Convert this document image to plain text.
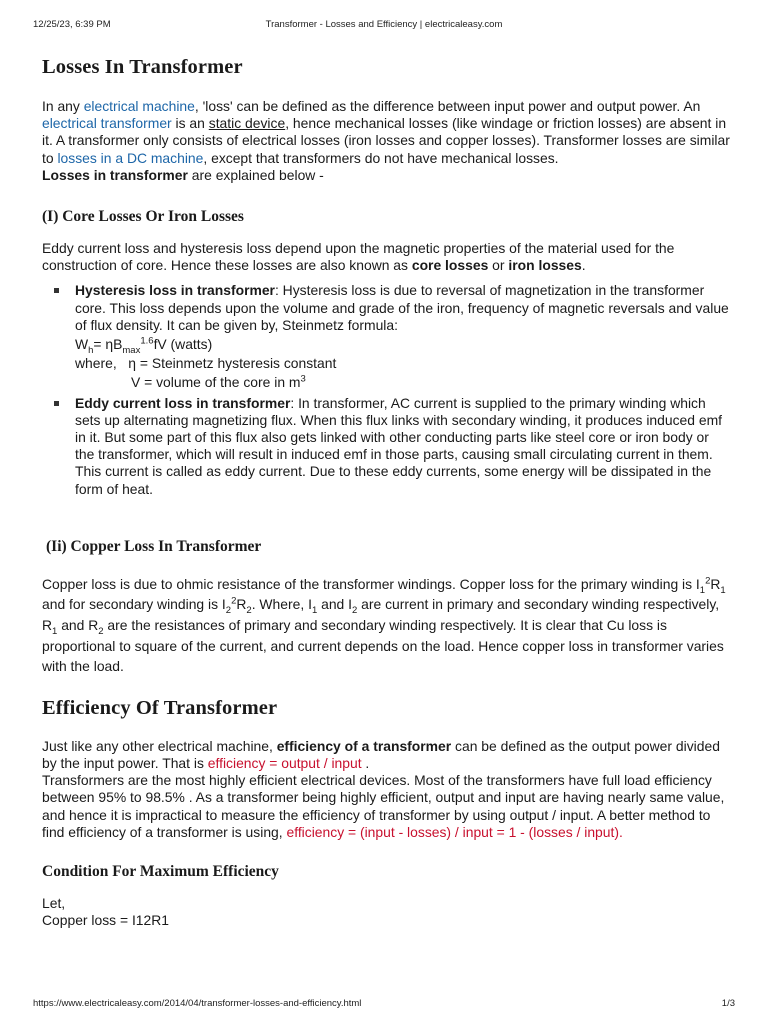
12/25/23, 6:39 PM	Transformer - Losses and Efficiency | electricaleasy.com
Losses In Transformer

In any electrical machine, 'loss' can be defined as the difference between input power and output power. An electrical transformer is an static device, hence mechanical losses (like windage or friction losses) are absent in it. A transformer only consists of electrical losses (iron losses and copper losses). Transformer losses are similar to losses in a DC machine, except that transformers do not have mechanical losses.
Losses in transformer are explained below -

(I) Core Losses Or Iron Losses

Eddy current loss and hysteresis loss depend upon the magnetic properties of the material used for the construction of core. Hence these losses are also known as core losses or iron losses.

Hysteresis loss in transformer: Hysteresis loss is due to reversal of magnetization in the transformer core. This loss depends upon the volume and grade of the iron, frequency of magnetic reversals and value of flux density. It can be given by, Steinmetz formula:
$W_h= \eta B_{max}^{1.6}fV$ (watts)
where,   η = Steinmetz hysteresis constant
V = volume of the core in $m^3$
Eddy current loss in transformer: In transformer, AC current is supplied to the primary winding which sets up alternating magnetizing flux. When this flux links with secondary winding, it produces induced emf in it. But some part of this flux also gets linked with other conducting parts like steel core or iron body or the transformer, which will result in induced emf in those parts, causing small circulating current in them. This current is called as eddy current. Due to these eddy currents, some energy will be dissipated in the form of heat.
(Ii) Copper Loss In Transformer

Copper loss is due to ohmic resistance of the transformer windings. Copper loss for the primary winding is $I_1^2R_1$ and for secondary winding is $I_2^2R_2$. Where, $I_1$ and $I_2$ are current in primary and secondary winding respectively, $R_1$ and $R_2$ are the resistances of primary and secondary winding respectively. It is clear that Cu loss is proportional to square of the current, and current depends on the load. Hence copper loss in transformer varies with the load.

Efficiency Of Transformer

Just like any other electrical machine, efficiency of a transformer can be defined as the output power divided by the input power. That is efficiency = output / input .

Transformers are the most highly efficient electrical devices. Most of the transformers have full load efficiency between 95% to 98.5% . As a transformer being highly efficient, output and input are having nearly same value, and hence it is impractical to measure the efficiency of transformer by using output / input. A better method to find efficiency of a transformer is using, efficiency = (input - losses) / input = 1 - (losses / input).

Condition For Maximum Efficiency

Let,

Copper loss = I12R1

https://www.electricaleasy.com/2014/04/transformer-losses-and-efficiency.html	1/3
